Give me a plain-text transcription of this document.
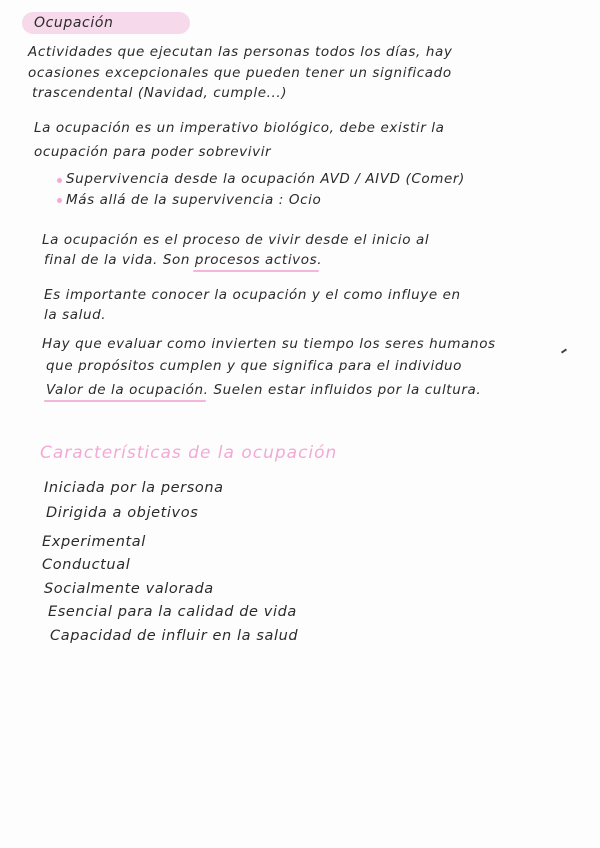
Ocupación
Actividades que ejecutan las personas todos los días, hay
ocasiones excepcionales que pueden tener un significado
trascendental (Navidad, cumple...)
La ocupación es un imperativo biológico, debe existir la
ocupación para poder sobrevivir
Supervivencia desde la ocupación AVD / AIVD (Comer)
Más allá de la supervivencia : Ocio
La ocupación es el proceso de vivir desde el inicio al
final de la vida. Son procesos activos.
Es importante conocer la ocupación y el como influye en
la salud.
Hay que evaluar como invierten su tiempo los seres humanos
que propósitos cumplen y que significa para el individuo
Valor de la ocupación. Suelen estar influidos por la cultura.
Características de la ocupación
Iniciada por la persona
Dirigida a objetivos
Experimental
Conductual
Socialmente valorada
Esencial para la calidad de vida
Capacidad de influir en la salud
